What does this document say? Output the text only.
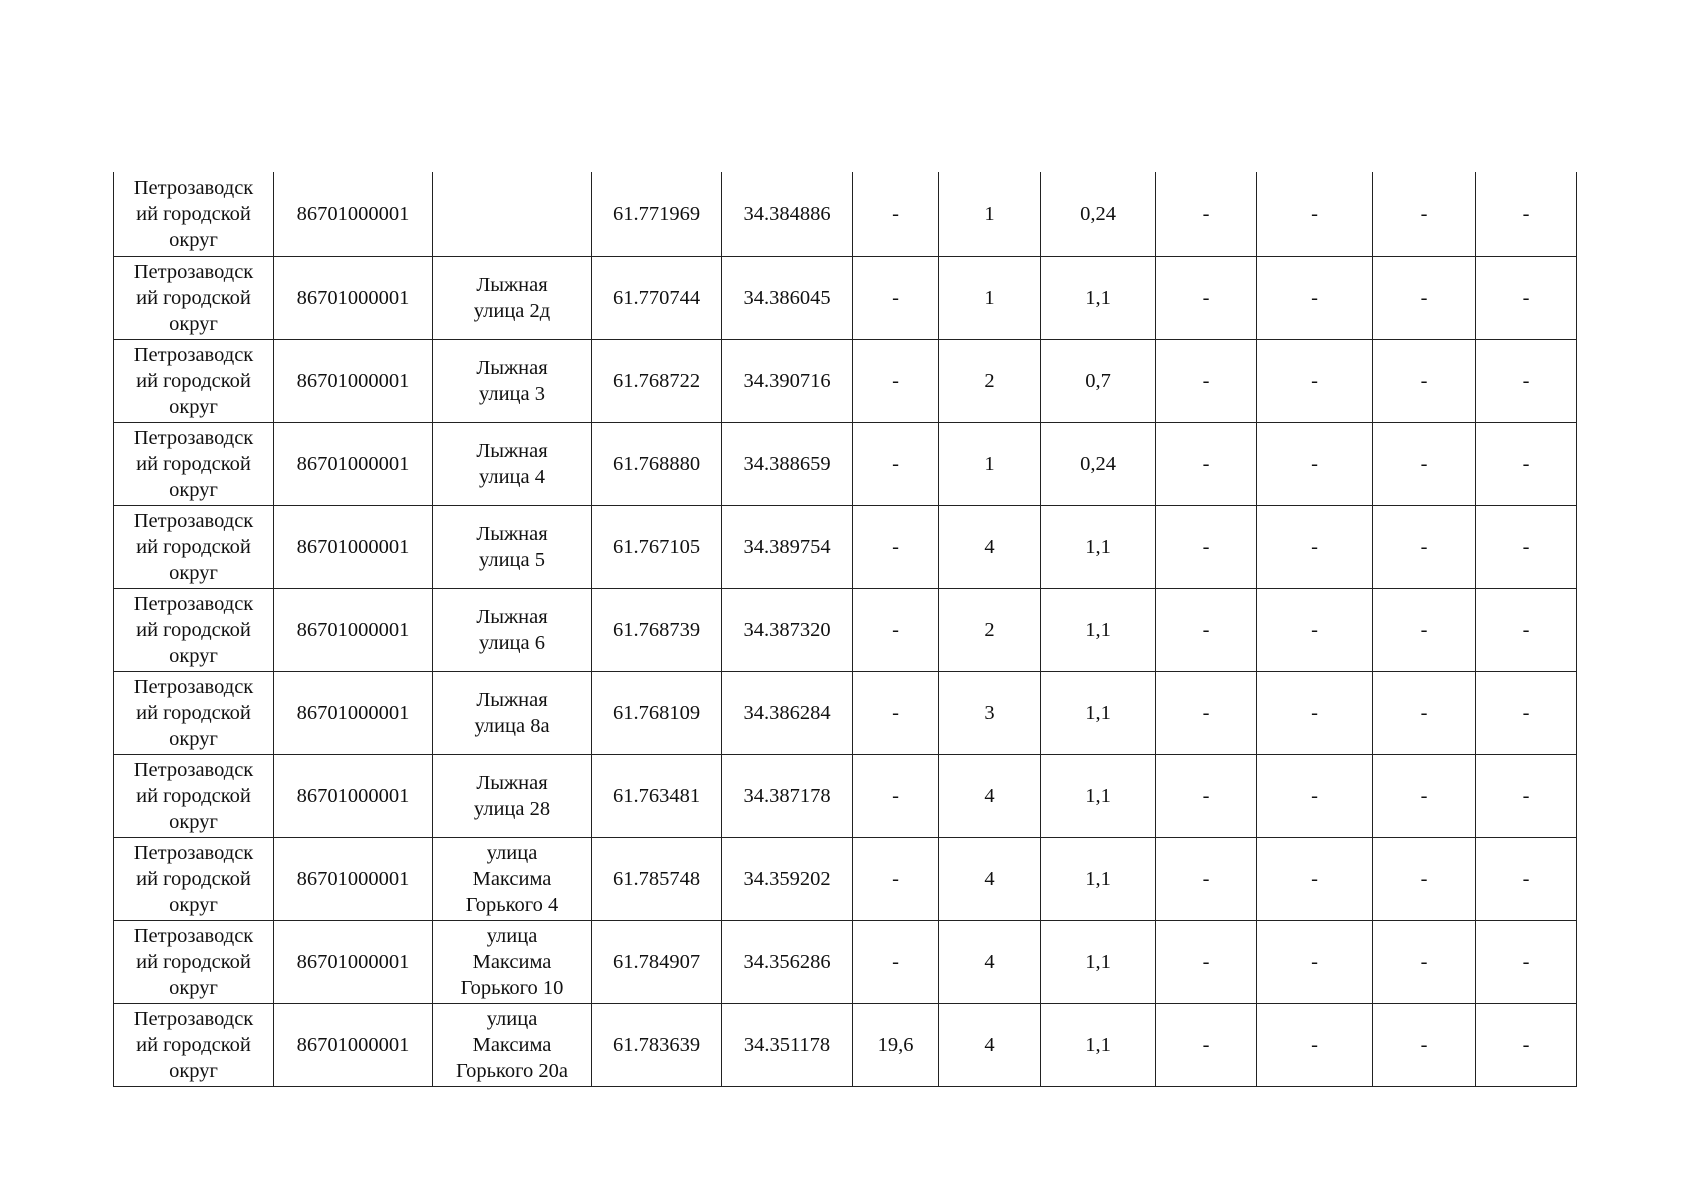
Петрозаводск
ий городской
округ	86701000001		61.771969	34.384886	-	1	0,24	-	-	-	-

Петрозаводск
ий городской
округ	86701000001	Лыжная
улица 2д	61.770744	34.386045	-	1	1,1	-	-	-	-

Петрозаводск
ий городской
округ	86701000001	Лыжная
улица 3	61.768722	34.390716	-	2	0,7	-	-	-	-

Петрозаводск
ий городской
округ	86701000001	Лыжная
улица 4	61.768880	34.388659	-	1	0,24	-	-	-	-

Петрозаводск
ий городской
округ	86701000001	Лыжная
улица 5	61.767105	34.389754	-	4	1,1	-	-	-	-

Петрозаводск
ий городской
округ	86701000001	Лыжная
улица 6	61.768739	34.387320	-	2	1,1	-	-	-	-

Петрозаводск
ий городской
округ	86701000001	Лыжная
улица 8а	61.768109	34.386284	-	3	1,1	-	-	-	-

Петрозаводск
ий городской
округ	86701000001	Лыжная
улица 28	61.763481	34.387178	-	4	1,1	-	-	-	-

Петрозаводск
ий городской
округ	86701000001	улица
Максима
Горького 4	61.785748	34.359202	-	4	1,1	-	-	-	-

Петрозаводск
ий городской
округ	86701000001	улица
Максима
Горького 10	61.784907	34.356286	-	4	1,1	-	-	-	-

Петрозаводск
ий городской
округ	86701000001	улица
Максима
Горького 20а	61.783639	34.351178	19,6	4	1,1	-	-	-	-
